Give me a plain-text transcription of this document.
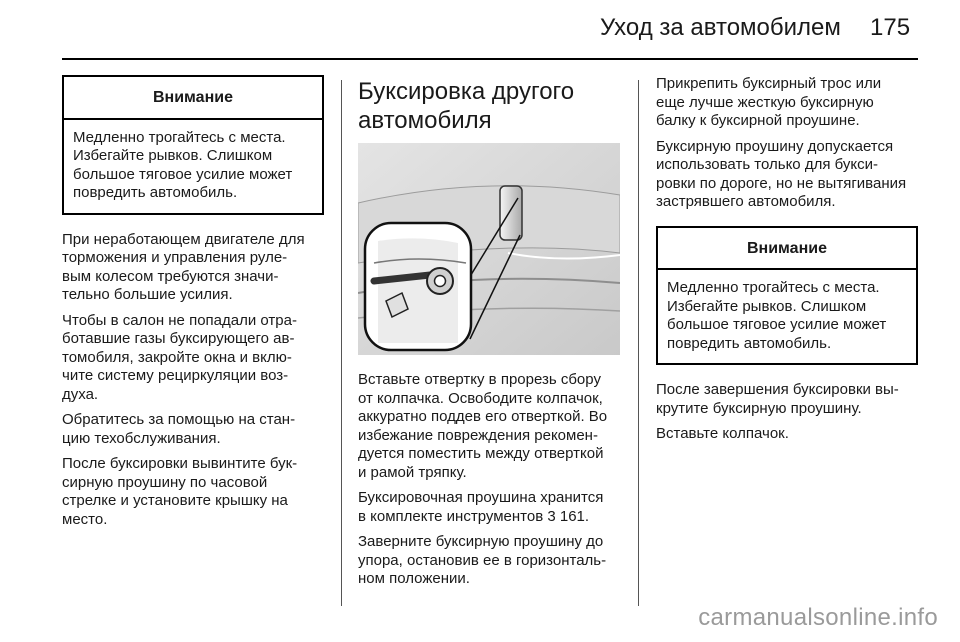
Уход за автомобилем 175
Внимание
Медленно трогайтесь с места.
Избегайте рывков. Слишком
большое тяговое усилие может
повредить автомобиль.

При неработающем двигателе для
торможения и управления руле-
вым колесом требуются значи-
тельно большие усилия.

Чтобы в салон не попадали отра-
ботавшие газы буксирующего ав-
томобиля, закройте окна и вклю-
чите систему рециркуляции воз-
духа.

Обратитесь за помощью на стан-
цию техобслуживания.

После буксировки вывинтите бук-
сирную проушину по часовой
стрелке и установите крышку на
место.

Буксировка другого
автомобиля

Вставьте отвертку в прорезь сбору
от колпачка. Освободите колпачок,
аккуратно поддев его отверткой. Во
избежание повреждения рекомен-
дуется поместить между отверткой
и рамой тряпку.

Буксировочная проушина хранится
в комплекте инструментов 3 161.

Заверните буксирную проушину до
упора, остановив ее в горизонталь-
ном положении.

Прикрепить буксирный трос или
еще лучше жесткую буксирную
балку к буксирной проушине.

Буксирную проушину допускается
использовать только для букси-
ровки по дороге, но не вытягивания
застрявшего автомобиля.

Внимание
Медленно трогайтесь с места.
Избегайте рывков. Слишком
большое тяговое усилие может
повредить автомобиль.

После завершения буксировки вы-
крутите буксирную проушину.

Вставьте колпачок.

carmanualsonline.info
